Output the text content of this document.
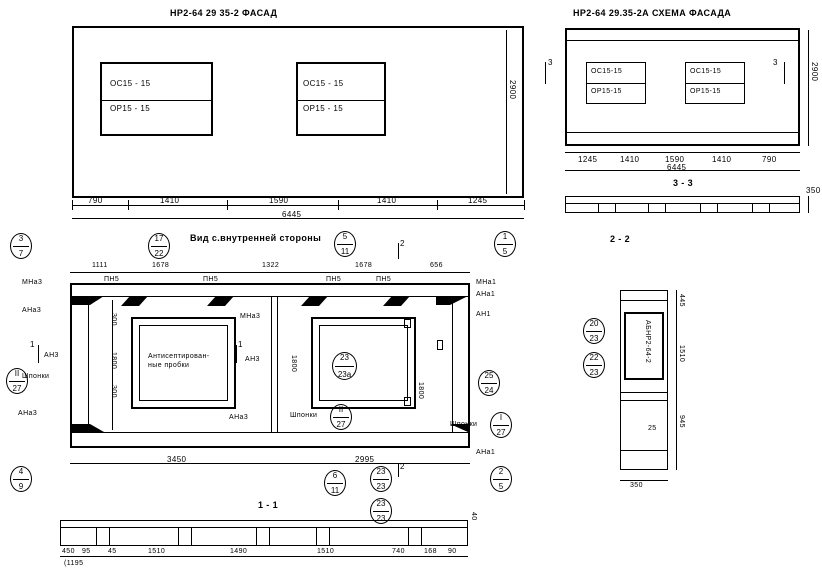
НР2-64 29 35-2 ФАСАД
ОС15 - 15
ОР15 - 15
ОС15 - 15
ОР15 - 15
2900
790	1410	1590	1410	1245
6445
НР2-64 29.35-2А СХЕМА ФАСАДА
ОС15-15
ОР15-15
ОС15-15
ОР15-15
3	3	2900
1245	1410	1590	1410	790
6445
3 - 3
350
Вид с.внутренней стороны
1111	1678	1322	1678	656
ПН5	ПН5	ПН5	ПН5
МНа3
АНа3
АН3
АНа3
МНа1
АНа1
АН1
АНа1
МНа3
АН3
АНа3
Шпонки
Шпонки
Шпонки
Антисептирован-
ные пробки
300
1800
300
1800
1800
3450	2995
1	1
2
2
3
7
17
22
5
11
1
5
23
23а	25
24
II
27
II
27
I
27
4
9
6
11
23
23
2
5
2 - 2
АБНР2-64-2
445
1510
945
25
350
20
23
22
23
1 - 1
450 95 45	1510	1490	1510	740	168 90
40
(1195
23
23
